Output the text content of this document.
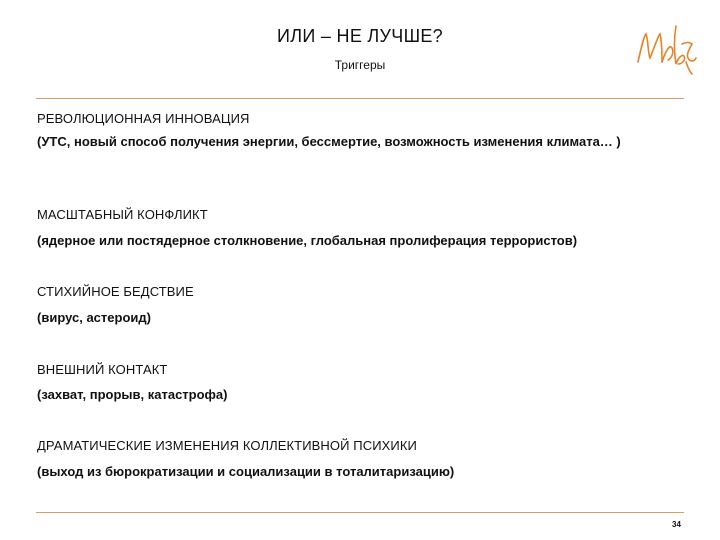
ИЛИ – НЕ ЛУЧШЕ?
Триггеры
РЕВОЛЮЦИОННАЯ ИННОВАЦИЯ
(УТС, новый способ получения энергии, бессмертие, возможность изменения климата… )
МАСШТАБНЫЙ КОНФЛИКТ
(ядерное или постядерное столкновение, глобальная пролиферация террористов)
СТИХИЙНОЕ БЕДСТВИЕ
(вирус, астероид)
ВНЕШНИЙ КОНТАКТ
(захват, прорыв, катастрофа)
ДРАМАТИЧЕСКИЕ ИЗМЕНЕНИЯ КОЛЛЕКТИВНОЙ ПСИХИКИ
(выход из бюрократизации и социализации в тоталитаризацию)
34
